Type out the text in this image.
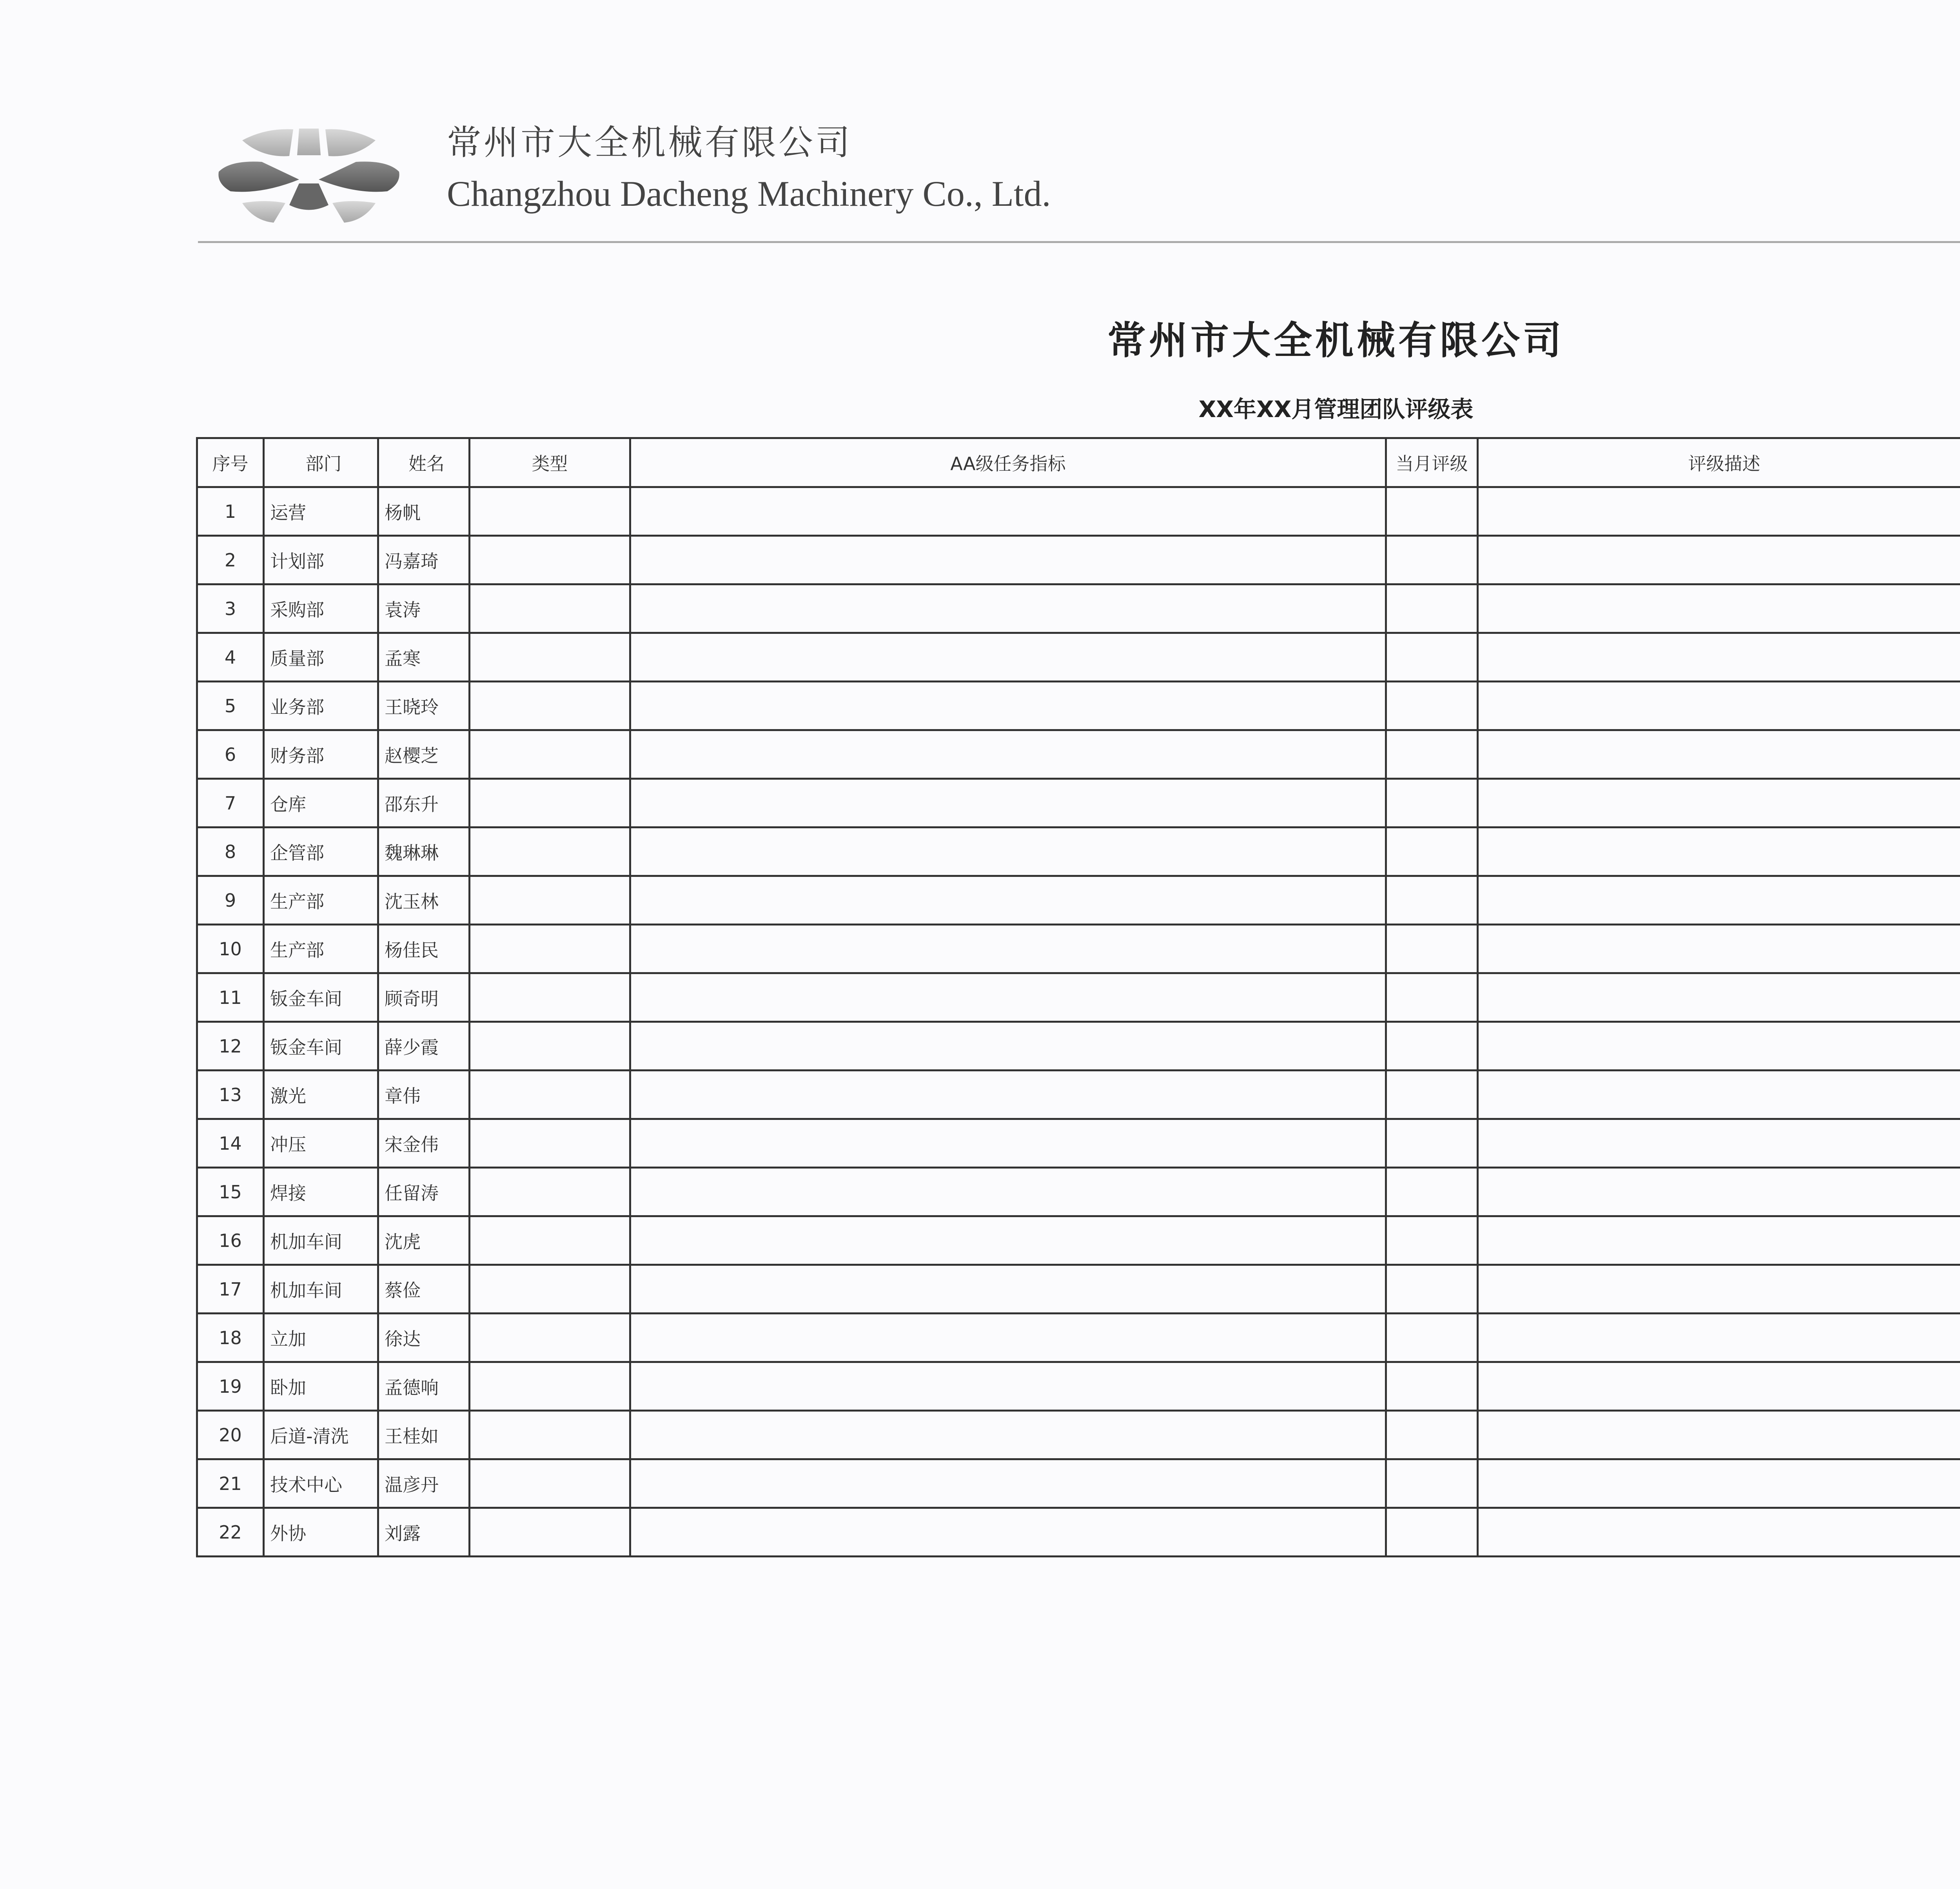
常州市大全机械有限公司
Changzhou Dacheng Machinery Co., Ltd.
常州市大全机械有限公司
XX年XX月管理团队评级表
序号	部门	姓名	类型	AA级任务指标	当月评级	评级描述												
1	运营	杨帆																
2	计划部	冯嘉琦																
3	采购部	袁涛																
4	质量部	孟寒																
5	业务部	王晓玲																
6	财务部	赵樱芝																
7	仓库	邵东升																
8	企管部	魏琳琳																
9	生产部	沈玉林																
10	生产部	杨佳民																
11	钣金车间	顾奇明																
12	钣金车间	薛少霞																
13	激光	章伟																
14	冲压	宋金伟																
15	焊接	任留涛																
16	机加车间	沈虎																
17	机加车间	蔡俭																
18	立加	徐达																
19	卧加	孟德响																
20	后道-清洗	王桂如																
21	技术中心	温彦丹																
22	外协	刘露																
